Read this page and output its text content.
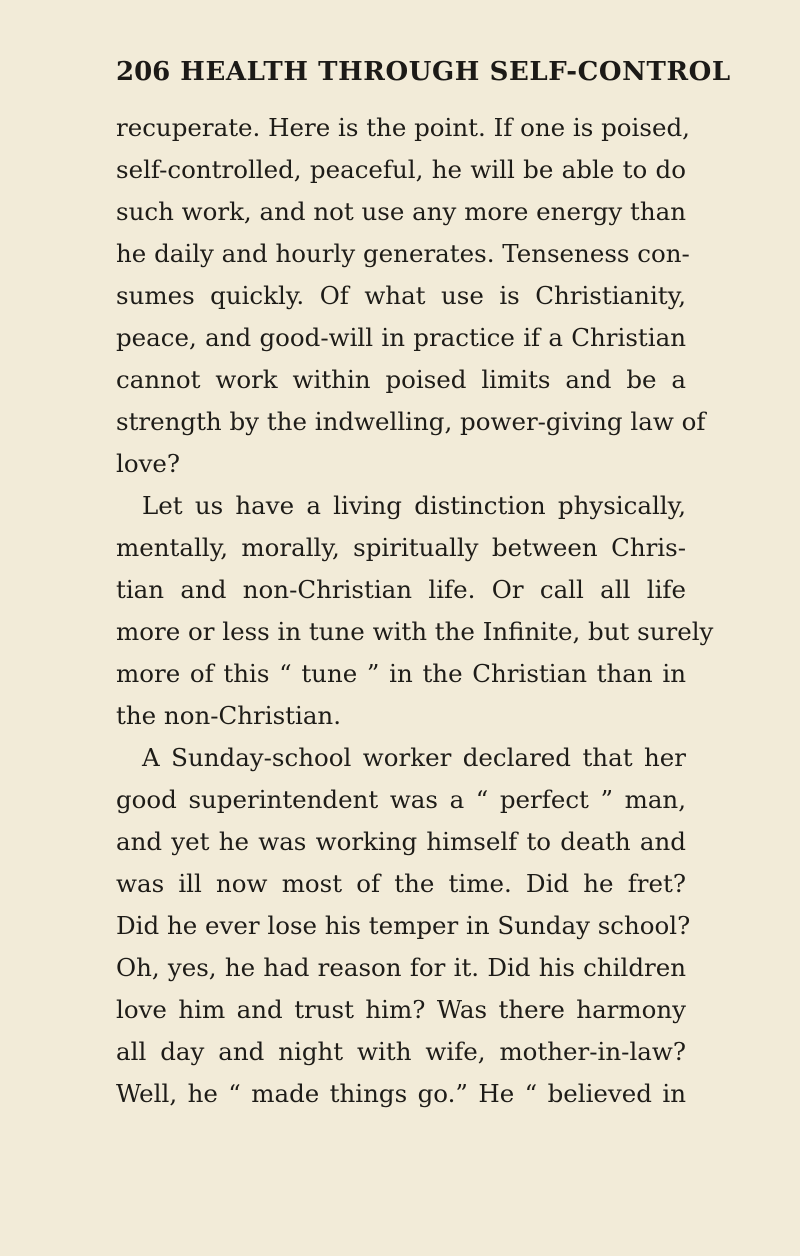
206 HEALTH THROUGH SELF-CONTROL
recuperate. Here is the point. If one is poised,
self-controlled, peaceful, he will be able to do
such work, and not use any more energy than
he daily and hourly generates. Tenseness con-
sumes quickly. Of what use is Christianity,
peace, and good-will in practice if a Christian
cannot work within poised limits and be a
strength by the indwelling, power-giving law of
love?
Let us have a living distinction physically,
mentally, morally, spiritually between Chris-
tian and non-Christian life. Or call all life
more or less in tune with the Infinite, but surely
more of this “ tune ” in the Christian than in
the non-Christian.
A Sunday-school worker declared that her
good superintendent was a “ perfect ” man,
and yet he was working himself to death and
was ill now most of the time. Did he fret?
Did he ever lose his temper in Sunday school?
Oh, yes, he had reason for it. Did his children
love him and trust him? Was there harmony
all day and night with wife, mother-in-law?
Well, he “ made things go.” He “ believed in
